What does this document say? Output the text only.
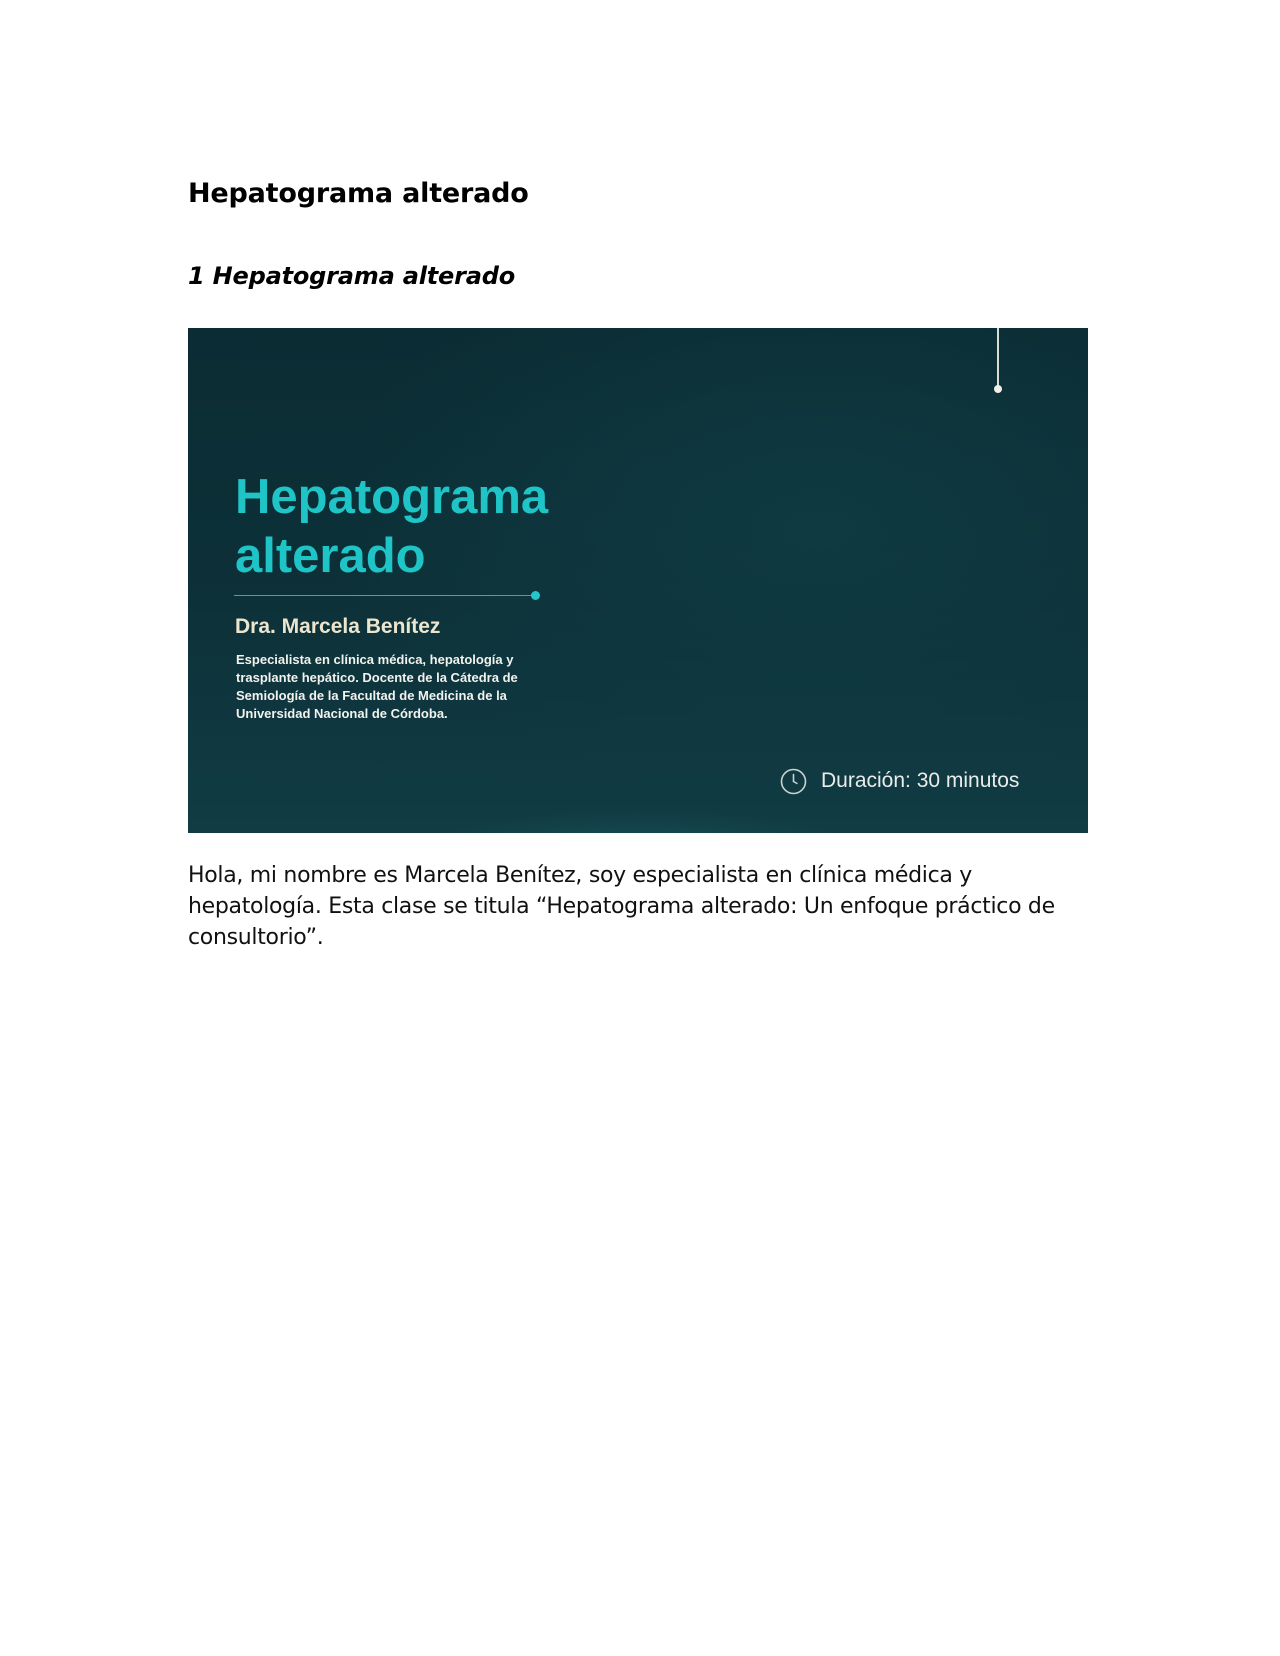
Hepatograma alterado
1 Hepatograma alterado
Hepatograma alterado

Dra. Marcela Benítez

Especialista en clínica médica, hepatología y trasplante hepático. Docente de la Cátedra de Semiología de la Facultad de Medicina de la Universidad Nacional de Córdoba.

Duración: 30 minutos

Hola, mi nombre es Marcela Benítez, soy especialista en clínica médica y hepatología. Esta clase se titula “Hepatograma alterado: Un enfoque práctico de consultorio”.
